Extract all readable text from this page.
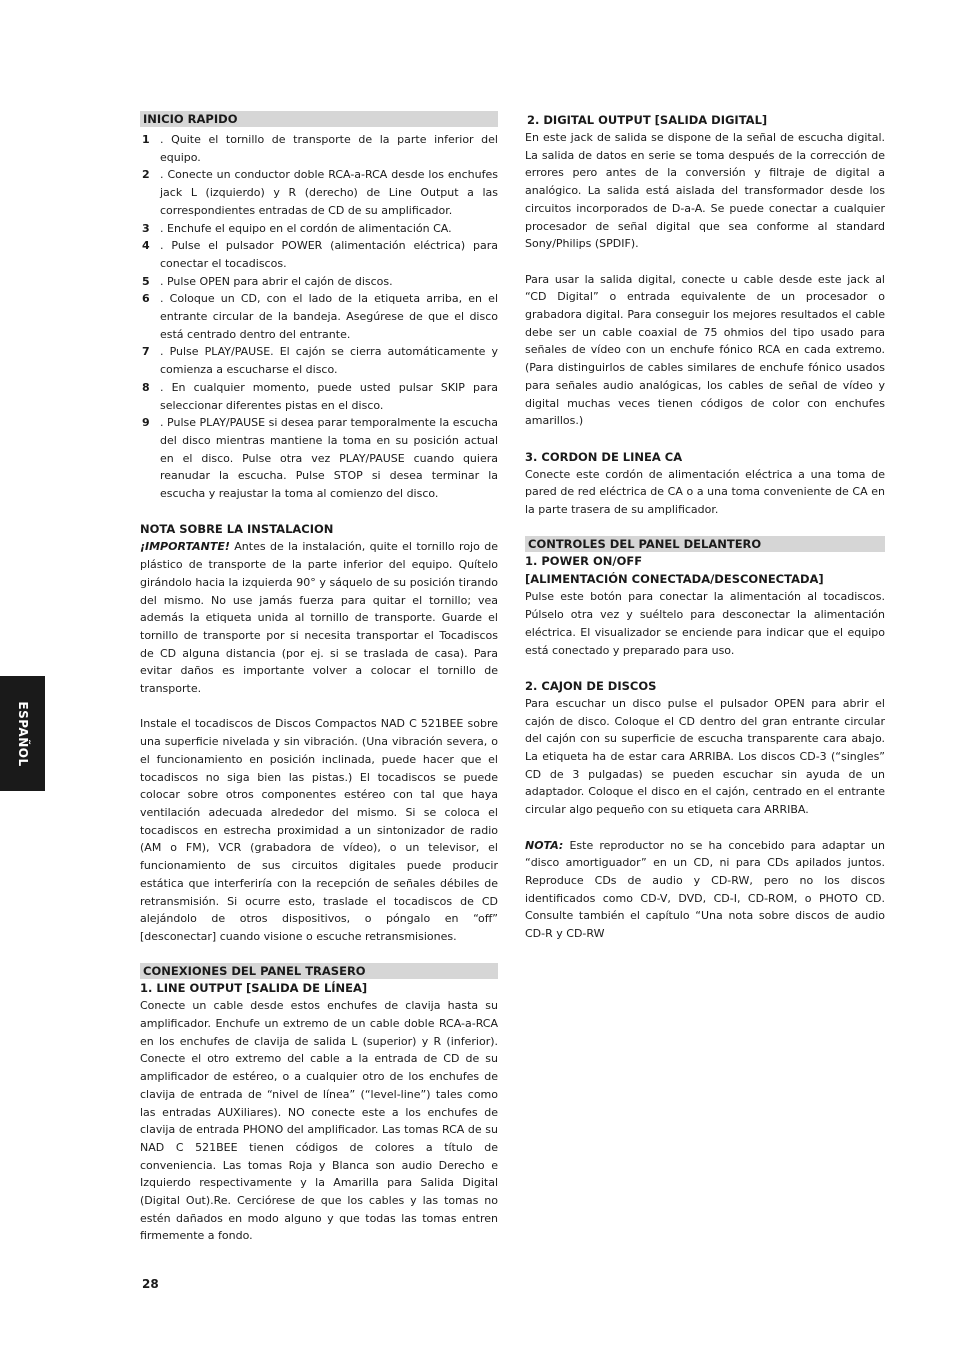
ESPAÑOL
INICIO RAPIDO
1 . Quite el tornillo de transporte de la parte inferior del equipo.
2 . Conecte un conductor doble RCA-a-RCA desde los enchufes jack L (izquierdo) y R (derecho) de Line Output a las correspondientes entradas de CD de su amplificador.
3 . Enchufe el equipo en el cordón de alimentación CA.
4 . Pulse el pulsador POWER (alimentación eléctrica) para conectar el tocadiscos.
5 . Pulse OPEN para abrir el cajón de discos.
6 . Coloque un CD, con el lado de la etiqueta arriba, en el entrante circular de la bandeja. Asegúrese de que el disco está centrado dentro del entrante.
7 . Pulse PLAY/PAUSE. El cajón se cierra automáticamente y comienza a escucharse el disco.
8 . En cualquier momento, puede usted pulsar SKIP para seleccionar diferentes pistas en el disco.
9 . Pulse PLAY/PAUSE si desea parar temporalmente la escucha del disco mientras mantiene la toma en su posición actual en el disco. Pulse otra vez PLAY/PAUSE cuando quiera reanudar la escucha. Pulse STOP si desea terminar la escucha y reajustar la toma al comienzo del disco.
NOTA SOBRE LA INSTALACION

¡IMPORTANTE! Antes de la instalación, quite el tornillo rojo de plástico de transporte de la parte inferior del equipo. Quítelo girándolo hacia la izquierda 90° y sáquelo de su posición tirando del mismo. No use jamás fuerza para quitar el tornillo; vea además la etiqueta unida al tornillo de transporte. Guarde el tornillo de transporte por si necesita transportar el Tocadiscos de CD alguna distancia (por ej. si se traslada de casa). Para evitar daños es importante volver a colocar el tornillo de transporte.

Instale el tocadiscos de Discos Compactos NAD C 521BEE sobre una superficie nivelada y sin vibración. (Una vibración severa, o el funcionamiento en posición inclinada, puede hacer que el tocadiscos no siga bien las pistas.) El tocadiscos se puede colocar sobre otros componentes estéreo con tal que haya ventilación adecuada alrededor del mismo. Si se coloca el tocadiscos en estrecha proximidad a un sintonizador de radio (AM o FM), VCR (grabadora de vídeo), o un televisor, el funcionamiento de sus circuitos digitales puede producir estática que interferiría con la recepción de señales débiles de retransmisión. Si ocurre esto, traslade el tocadiscos de CD alejándolo de otros dispositivos, o póngalo en “off” [desconectar] cuando visione o escuche retransmisiones.

CONEXIONES DEL PANEL TRASERO
1. LINE OUTPUT [SALIDA DE LÍNEA]

Conecte un cable desde estos enchufes de clavija hasta su amplificador. Enchufe un extremo de un cable doble RCA-a-RCA en los enchufes de clavija de salida L (superior) y R (inferior). Conecte el otro extremo del cable a la entrada de CD de su amplificador de estéreo, o a cualquier otro de los enchufes de clavija de entrada de “nivel de línea” (“level-line”) tales como las entradas AUXiliares). NO conecte este a los enchufes de clavija de entrada PHONO del amplificador. Las tomas RCA de su NAD C 521BEE tienen códigos de colores a título de conveniencia. Las tomas Roja y Blanca son audio Derecho e Izquierdo respectivamente y la Amarilla para Salida Digital (Digital Out).Re. Cerciórese de que los cables y las tomas no estén dañados en modo alguno y que todas las tomas entren firmemente a fondo.

2. DIGITAL OUTPUT [SALIDA DIGITAL]

En este jack de salida se dispone de la señal de escucha digital. La salida de datos en serie se toma después de la corrección de errores pero antes de la conversión y filtraje de digital a analógico. La salida está aislada del transformador desde los circuitos incorporados de D-a-A. Se puede conectar a cualquier procesador de señal digital que sea conforme al standard Sony/Philips (SPDIF).

Para usar la salida digital, conecte u cable desde este jack al “CD Digital” o entrada equivalente de un procesador o grabadora digital. Para conseguir los mejores resultados el cable debe ser un cable coaxial de 75 ohmios del tipo usado para señales de vídeo con un enchufe fónico RCA en cada extremo. (Para distinguirlos de cables similares de enchufe fónico usados para señales audio analógicas, los cables de señal de vídeo y digital muchas veces tienen códigos de color con enchufes amarillos.)

3. CORDON DE LINEA CA

Conecte este cordón de alimentación eléctrica a una toma de pared de red eléctrica de CA o a una toma conveniente de CA en la parte trasera de su amplificador.

CONTROLES DEL PANEL DELANTERO
1. POWER ON/OFF
[ALIMENTACIÓN CONECTADA/DESCONECTADA]

Pulse este botón para conectar la alimentación al tocadiscos. Púlselo otra vez y suéltelo para desconectar la alimentación eléctrica. El visualizador se enciende para indicar que el equipo está conectado y preparado para uso.

2. CAJON DE DISCOS

Para escuchar un disco pulse el pulsador OPEN para abrir el cajón de disco. Coloque el CD dentro del gran entrante circular del cajón con su superficie de escucha transparente cara abajo. La etiqueta ha de estar cara ARRIBA. Los discos CD-3 (“singles” CD de 3 pulgadas) se pueden escuchar sin ayuda de un adaptador. Coloque el disco en el cajón, centrado en el entrante circular algo pequeño con su etiqueta cara ARRIBA.

NOTA: Este reproductor no se ha concebido para adaptar un “disco amortiguador” en un CD, ni para CDs apilados juntos. Reproduce CDs de audio y CD-RW, pero no los discos identificados como CD-V, DVD, CD-I, CD-ROM, o PHOTO CD. Consulte también el capítulo “Una nota sobre discos de audio CD-R y CD-RW

28
